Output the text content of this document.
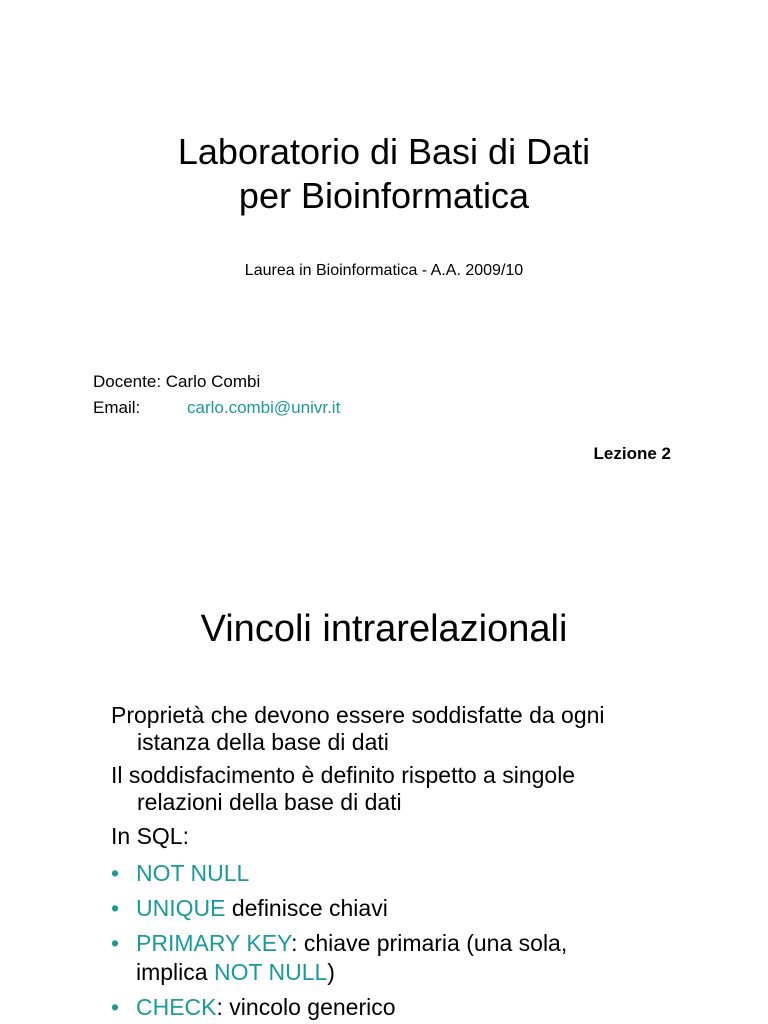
Laboratorio di Basi di Dati
per Bioinformatica
Laurea in Bioinformatica - A.A. 2009/10
Docente: Carlo Combi
Email:	carlo.combi@univr.it
Lezione 2
Vincoli intrarelazionali
Proprietà che devono essere soddisfatte da ogni
istanza della base di dati
Il soddisfacimento è definito rispetto a singole
relazioni della base di dati
In SQL:
• NOT NULL
• UNIQUE definisce chiavi
• PRIMARY KEY: chiave primaria (una sola,
implica NOT NULL)
• CHECK: vincolo generico
